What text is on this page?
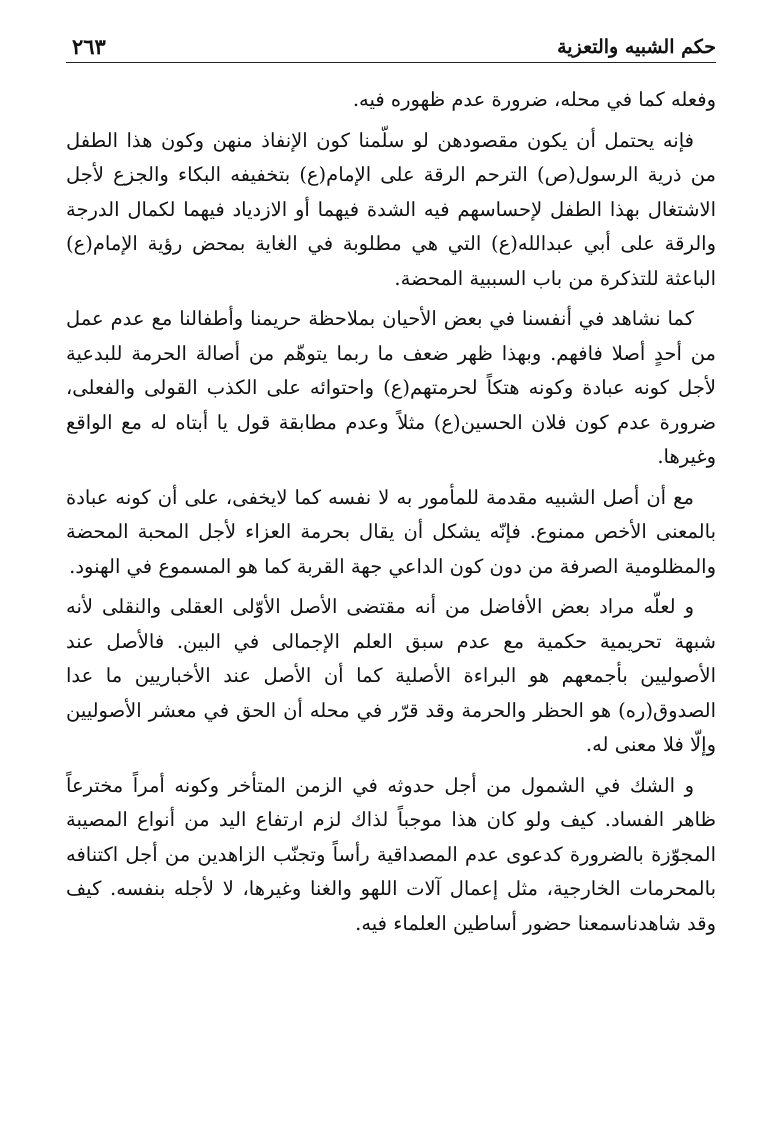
حكم الشبيه والتعزية
٢٦٣

وفعله كما في محله، ضرورة عدم ظهوره فيه.

فإنه يحتمل أن يكون مقصودهن لو سلّمنا كون الإنفاذ منهن وكون هذا الطفل من ذرية الرسول(ص) الترحم الرقة على الإمام(ع) بتخفيفه البكاء والجزع لأجل الاشتغال بهذا الطفل لإحساسهم فيه الشدة فيهما أو الازدياد فيهما لكمال الدرجة والرقة على أبي عبدالله(ع) التي هي مطلوبة في الغاية بمحض رؤية الإمام(ع) الباعثة للتذكرة من باب السببية المحضة.

كما نشاهد في أنفسنا في بعض الأحيان بملاحظة حريمنا وأطفالنا مع عدم عمل من أحدٍ أصلا فافهم. وبهذا ظهر ضعف ما ربما يتوهّم من أصالة الحرمة للبدعية لأجل كونه عبادة وكونه هتكاً لحرمتهم(ع) واحتوائه على الكذب القولى والفعلى، ضرورة عدم كون فلان الحسين(ع) مثلاً وعدم مطابقة قول يا أبتاه له مع الواقع وغيرها.

مع أن أصل الشبيه مقدمة للمأمور به لا نفسه كما لايخفى، على أن كونه عبادة بالمعنى الأخص ممنوع. فإنّه يشكل أن يقال بحرمة العزاء لأجل المحبة المحضة والمظلومية الصرفة من دون كون الداعي جهة القربة كما هو المسموع في الهنود.

و لعلّه مراد بعض الأفاضل من أنه مقتضى الأصل الأوّلى العقلى والنقلى لأنه شبهة تحريمية حكمية مع عدم سبق العلم الإجمالى في البين. فالأصل عند الأصوليين بأجمعهم هو البراءة الأصلية كما أن الأصل عند الأخباريين ما عدا الصدوق(ره) هو الحظر والحرمة وقد قرّر في محله أن الحق في معشر الأصوليين وإلّا فلا معنى له.

و الشك في الشمول من أجل حدوثه في الزمن المتأخر وكونه أمراً مخترعاً ظاهر الفساد. كيف ولو كان هذا موجباً لذاك لزم ارتفاع اليد من أنواع المصيبة المجوّزة بالضرورة كدعوى عدم المصداقية رأساً وتجنّب الزاهدين من أجل اكتنافه بالمحرمات الخارجية، مثل إعمال آلات اللهو والغنا وغيرها، لا لأجله بنفسه. كيف وقد شاهدناسمعنا حضور أساطين العلماء فيه.
